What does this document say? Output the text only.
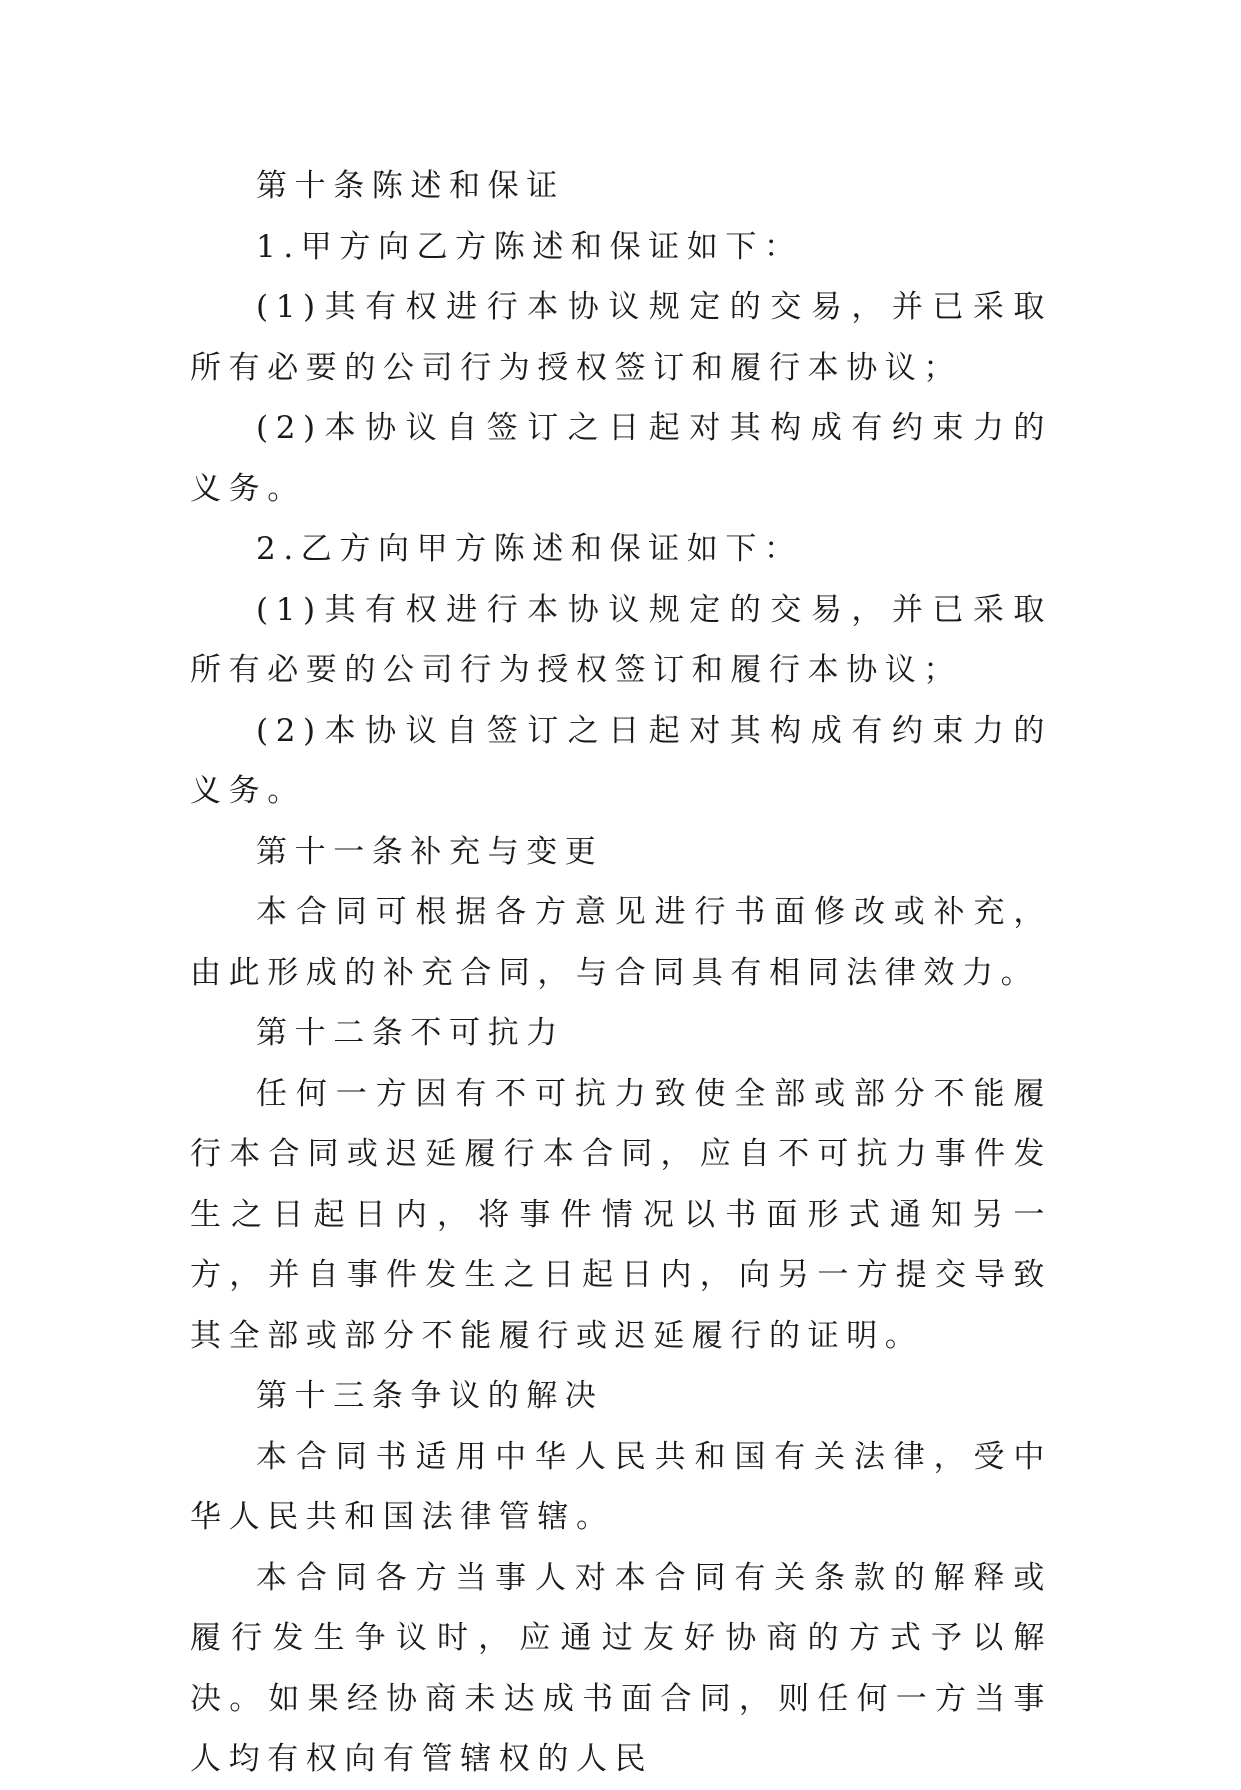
第十条陈述和保证

1.甲方向乙方陈述和保证如下：

(1)其有权进行本协议规定的交易，并已采取所有必要的公司行为授权签订和履行本协议；

(2)本协议自签订之日起对其构成有约束力的义务。

2.乙方向甲方陈述和保证如下：

(1)其有权进行本协议规定的交易，并已采取所有必要的公司行为授权签订和履行本协议；

(2)本协议自签订之日起对其构成有约束力的义务。

第十一条补充与变更

本合同可根据各方意见进行书面修改或补充，由此形成的补充合同，与合同具有相同法律效力。

第十二条不可抗力

任何一方因有不可抗力致使全部或部分不能履行本合同或迟延履行本合同，应自不可抗力事件发生之日起日内，将事件情况以书面形式通知另一方，并自事件发生之日起日内，向另一方提交导致其全部或部分不能履行或迟延履行的证明。

第十三条争议的解决

本合同书适用中华人民共和国有关法律，受中华人民共和国法律管辖。

本合同各方当事人对本合同有关条款的解释或履行发生争议时，应通过友好协商的方式予以解决。如果经协商未达成书面合同，则任何一方当事人均有权向有管辖权的人民
